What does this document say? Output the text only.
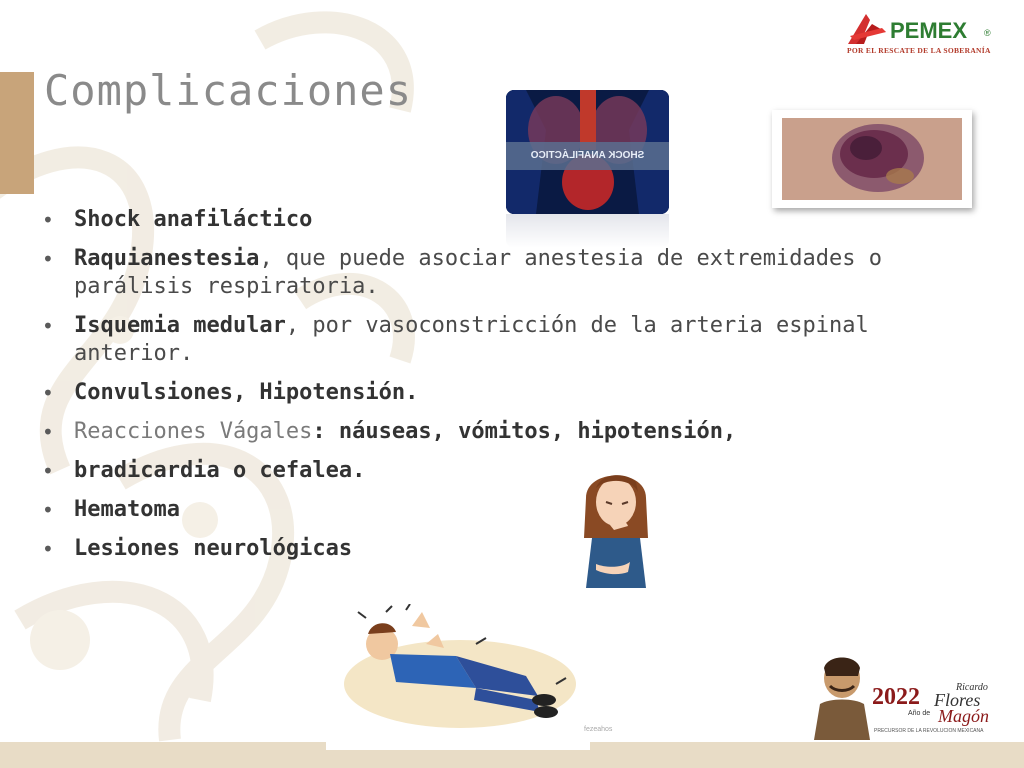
Complicaciones
PEMEX ®
POR EL RESCATE DE LA SOBERANÍA
SHOCK ANAFILÁCTICO
• Shock anafiláctico
• Raquianestesia, que puede asociar anestesia de extremidades o parálisis respiratoria.
• Isquemia medular, por vasoconstricción de la arteria espinal anterior.
• Convulsiones, Hipotensión.
• Reacciones Vágales: náuseas, vómitos, hipotensión,
• bradicardia o cefalea.
• Hematoma
• Lesiones neurológicas
fezeahos
2022
Año de
Ricardo
Flores
Magón
PRECURSOR DE LA REVOLUCIÓN MEXICANA
